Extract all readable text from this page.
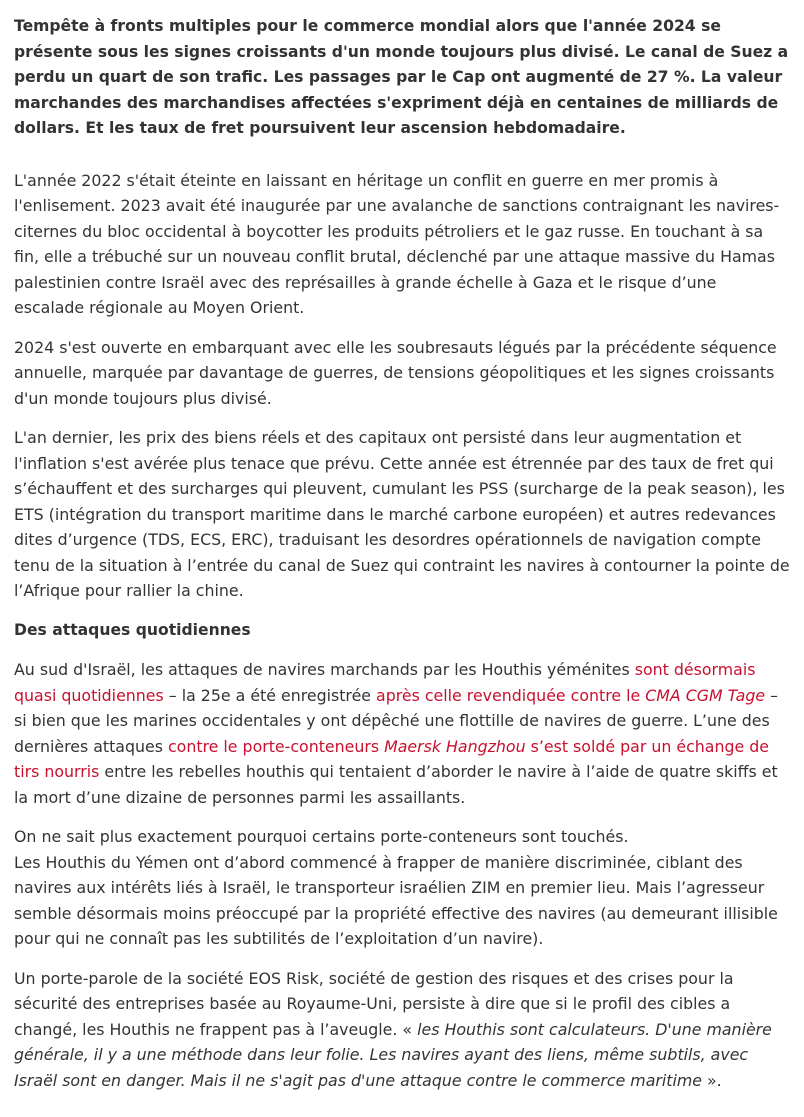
Tempête à fronts multiples pour le commerce mondial alors que l'année 2024 se présente sous les signes croissants d'un monde toujours plus divisé. Le canal de Suez a perdu un quart de son trafic. Les passages par le Cap ont augmenté de 27 %. La valeur marchandes des marchandises affectées s'expriment déjà en centaines de milliards de dollars. Et les taux de fret poursuivent leur ascension hebdomadaire.

L'année 2022 s'était éteinte en laissant en héritage un conflit en guerre en mer promis à l'enlisement. 2023 avait été inaugurée par une avalanche de sanctions contraignant les navires-citernes du bloc occidental à boycotter les produits pétroliers et le gaz russe. En touchant à sa fin, elle a trébuché sur un nouveau conflit brutal, déclenché par une attaque massive du Hamas palestinien contre Israël avec des représailles à grande échelle à Gaza et le risque d’une escalade régionale au Moyen Orient.

2024 s'est ouverte en embarquant avec elle les soubresauts légués par la précédente séquence annuelle, marquée par davantage de guerres, de tensions géopolitiques et les signes croissants d'un monde toujours plus divisé.

L'an dernier, les prix des biens réels et des capitaux ont persisté dans leur augmentation et l'inflation s'est avérée plus tenace que prévu. Cette année est étrennée par des taux de fret qui s’échauffent et des surcharges qui pleuvent, cumulant les PSS (surcharge de la peak season), les ETS (intégration du transport maritime dans le marché carbone européen) et autres redevances dites d’urgence (TDS, ECS, ERC), traduisant les desordres opérationnels de navigation compte tenu de la situation à l’entrée du canal de Suez qui contraint les navires à contourner la pointe de l’Afrique pour rallier la chine.

Des attaques quotidiennes

Au sud d'Israël, les attaques de navires marchands par les Houthis yéménites sont désormais quasi quotidiennes – la 25e a été enregistrée après celle revendiquée contre le CMA CGM Tage – si bien que les marines occidentales y ont dépêché une flottille de navires de guerre. L’une des dernières attaques contre le porte-conteneurs Maersk Hangzhou s’est soldé par un échange de tirs nourris entre les rebelles houthis qui tentaient d’aborder le navire à l’aide de quatre skiffs et la mort d’une dizaine de personnes parmi les assaillants.

On ne sait plus exactement pourquoi certains porte-conteneurs sont touchés.
Les Houthis du Yémen ont d’abord commencé à frapper de manière discriminée, ciblant des navires aux intérêts liés à Israël, le transporteur israélien ZIM en premier lieu. Mais l’agresseur semble désormais moins préoccupé par la propriété effective des navires (au demeurant illisible pour qui ne connaît pas les subtilités de l’exploitation d’un navire).

Un porte-parole de la société EOS Risk, société de gestion des risques et des crises pour la sécurité des entreprises basée au Royaume-Uni, persiste à dire que si le profil des cibles a changé, les Houthis ne frappent pas à l’aveugle. « les Houthis sont calculateurs. D'une manière générale, il y a une méthode dans leur folie. Les navires ayant des liens, même subtils, avec Israël sont en danger. Mais il ne s'agit pas d'une attaque contre le commerce maritime ».
